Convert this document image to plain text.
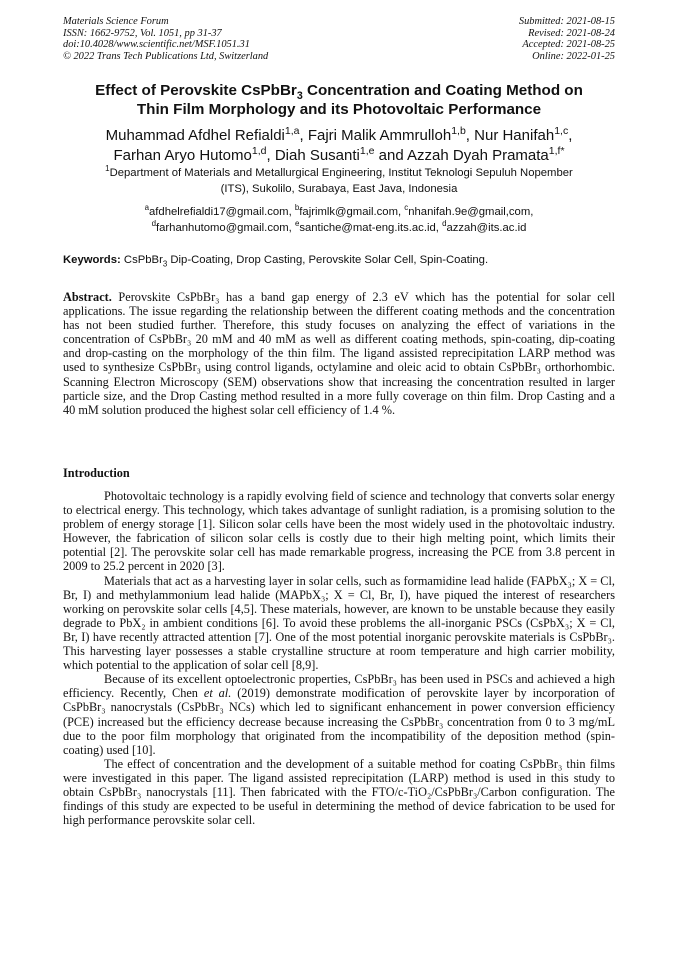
Materials Science Forum
ISSN: 1662-9752, Vol. 1051, pp 31-37
doi:10.4028/www.scientific.net/MSF.1051.31
© 2022 Trans Tech Publications Ltd, Switzerland
Submitted: 2021-08-15
Revised: 2021-08-24
Accepted: 2021-08-25
Online: 2022-01-25
Effect of Perovskite CsPbBr$_3$ Concentration and Coating Method on
Thin Film Morphology and its Photovoltaic Performance
Muhammad Afdhel Refialdi$^{1,a}$, Fajri Malik Ammrulloh$^{1,b}$, Nur Hanifah$^{1,c}$,
Farhan Aryo Hutomo$^{1,d}$, Diah Susanti$^{1,e}$ and Azzah Dyah Pramata$^{1,f*}$
$^1$Department of Materials and Metallurgical Engineering, Institut Teknologi Sepuluh Nopember
(ITS), Sukolilo, Surabaya, East Java, Indonesia
$^a$afdhelrefialdi17@gmail.com, $^b$fajrimlk@gmail.com, $^c$nhanifah.9e@gmail,com,
$^d$farhanhutomo@gmail.com, $^e$santiche@mat-eng.its.ac.id, $^d$azzah@its.ac.id
Keywords: CsPbBr$_3$ Dip-Coating, Drop Casting, Perovskite Solar Cell, Spin-Coating.
Abstract. Perovskite CsPbBr₃ has a band gap energy of 2.3 eV which has the potential for solar cell applications. The issue regarding the relationship between the different coating methods and the concentration has not been studied further. Therefore, this study focuses on analyzing the effect of variations in the concentration of CsPbBr₃ 20 mM and 40 mM as well as different coating methods, spin-coating, dip-coating and drop-casting on the morphology of the thin film. The ligand assisted reprecipitation LARP method was used to synthesize CsPbBr₃ using control ligands, octylamine and oleic acid to obtain CsPbBr₃ orthorhombic. Scanning Electron Microscopy (SEM) observations show that increasing the concentration resulted in larger particle size, and the Drop Casting method resulted in a more fully coverage on thin film. Drop Casting and a 40 mM solution produced the highest solar cell efficiency of 1.4 %.
Introduction

Photovoltaic technology is a rapidly evolving field of science and technology that converts solar energy to electrical energy. This technology, which takes advantage of sunlight radiation, is a promising solution to the problem of energy storage [1]. Silicon solar cells have been the most widely used in the photovoltaic industry. However, the fabrication of silicon solar cells is costly due to their high melting point, which limits their potential [2]. The perovskite solar cell has made remarkable progress, increasing the PCE from 3.8 percent in 2009 to 25.2 percent in 2020 [3].

Materials that act as a harvesting layer in solar cells, such as formamidine lead halide (FAPbX₃; X = Cl, Br, I) and methylammonium lead halide (MAPbX₃; X = Cl, Br, I), have piqued the interest of researchers working on perovskite solar cells [4,5]. These materials, however, are known to be unstable because they easily degrade to PbX₂ in ambient conditions [6]. To avoid these problems the all-inorganic PSCs (CsPbX₃; X = Cl, Br, I) have recently attracted attention [7]. One of the most potential inorganic perovskite materials is CsPbBr₃. This harvesting layer possesses a stable crystalline structure at room temperature and high carrier mobility, which potential to the application of solar cell [8,9].

Because of its excellent optoelectronic properties, CsPbBr₃ has been used in PSCs and achieved a high efficiency. Recently, Chen et al. (2019) demonstrate modification of perovskite layer by incorporation of CsPbBr₃ nanocrystals (CsPbBr₃ NCs) which led to significant enhancement in power conversion efficiency (PCE) increased but the efficiency decrease because increasing the CsPbBr₃ concentration from 0 to 3 mg/mL due to the poor film morphology that originated from the incompatibility of the deposition method (spin-coating) used [10].

The effect of concentration and the development of a suitable method for coating CsPbBr₃ thin films were investigated in this paper. The ligand assisted reprecipitation (LARP) method is used in this study to obtain CsPbBr₃ nanocrystals [11]. Then fabricated with the FTO/c-TiO₂/CsPbBr₃/Carbon configuration. The findings of this study are expected to be useful in determining the method of device fabrication to be used for high performance perovskite solar cell.
